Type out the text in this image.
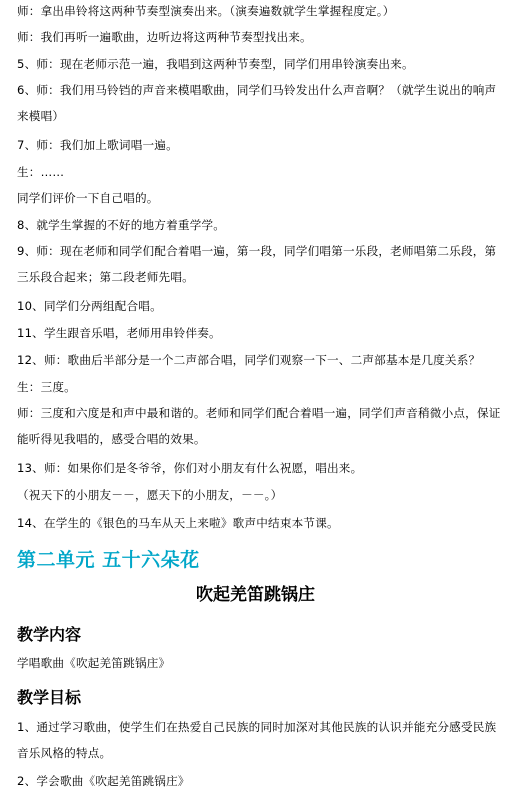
师：拿出串铃将这两种节奏型演奏出来。（演奏遍数就学生掌握程度定。）
师：我们再听一遍歌曲，边听边将这两种节奏型找出来。
5、师：现在老师示范一遍，我唱到这两种节奏型，同学们用串铃演奏出来。
6、师：我们用马铃铛的声音来模唱歌曲，同学们马铃发出什么声音啊？（就学生说出的响声来模唱）
7、师：我们加上歌词唱一遍。
生：……
同学们评价一下自己唱的。
8、就学生掌握的不好的地方着重学学。
9、师：现在老师和同学们配合着唱一遍，第一段，同学们唱第一乐段，老师唱第二乐段，第三乐段合起来；第二段老师先唱。
10、同学们分两组配合唱。
11、学生跟音乐唱，老师用串铃伴奏。
12、师：歌曲后半部分是一个二声部合唱，同学们观察一下一、二声部基本是几度关系？
生：三度。
师：三度和六度是和声中最和谐的。老师和同学们配合着唱一遍，同学们声音稍微小点，保证能听得见我唱的，感受合唱的效果。
13、师：如果你们是冬爷爷，你们对小朋友有什么祝愿，唱出来。
（祝天下的小朋友－－，愿天下的小朋友，－－。）
14、在学生的《银色的马车从天上来啦》歌声中结束本节课。
第二单元 五十六朵花
吹起羌笛跳锅庄
教学内容
学唱歌曲《吹起羌笛跳锅庄》
教学目标
1、通过学习歌曲，使学生们在热爱自己民族的同时加深对其他民族的认识并能充分感受民族音乐风格的特点。
2、学会歌曲《吹起羌笛跳锅庄》
